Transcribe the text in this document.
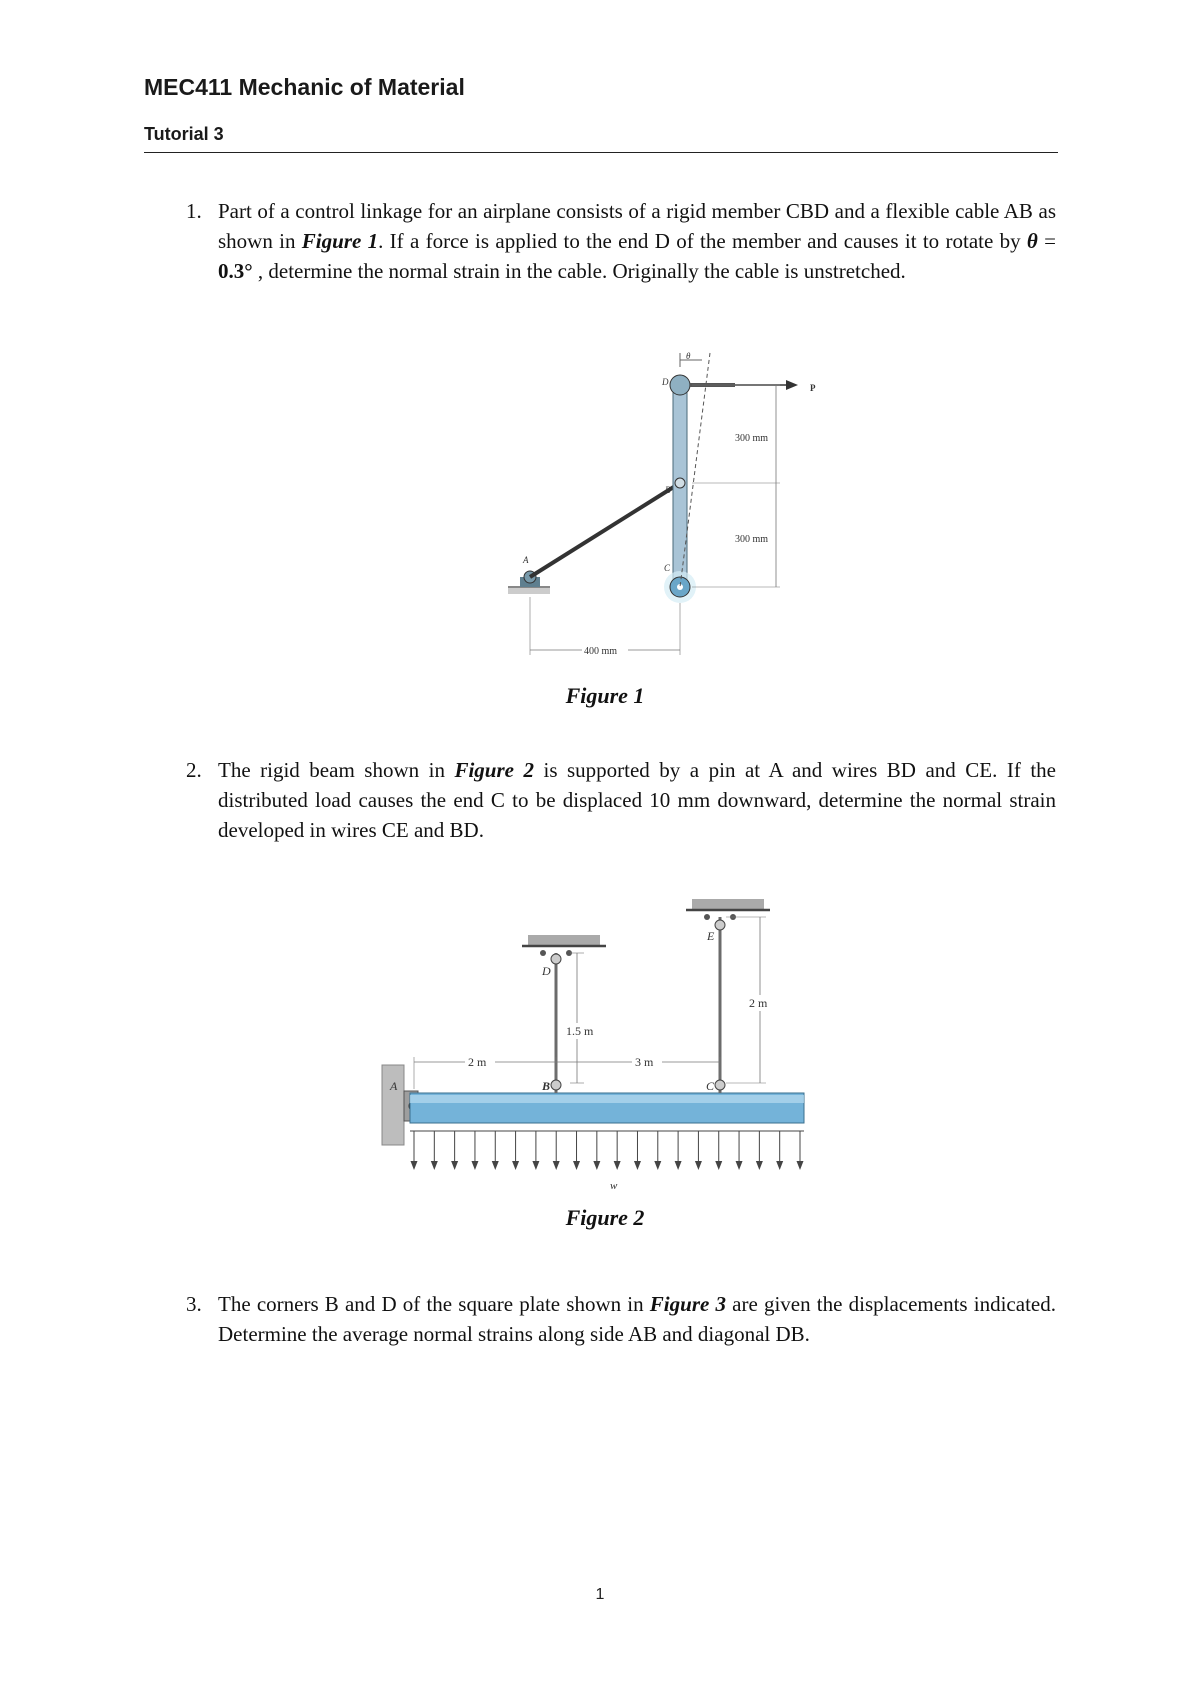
MEC411 Mechanic of Material
Tutorial 3

1. Part of a control linkage for an airplane consists of a rigid member CBD and a flexible cable AB as shown in Figure 1. If a force is applied to the end D of the member and causes it to rotate by θ = 0.3° , determine the normal strain in the cable. Originally the cable is unstretched.

P
θ
D
B
C
A
300 mm
300 mm
400 mm

Figure 1

2. The rigid beam shown in Figure 2 is supported by a pin at A and wires BD and CE. If the distributed load causes the end C to be displaced 10 mm downward, determine the normal strain developed in wires CE and BD.

A	B	C
D
E
w
2 m	3 m
1.5 m
2 m

Figure 2

3. The corners B and D of the square plate shown in Figure 3 are given the displacements indicated. Determine the average normal strains along side AB and diagonal DB.

1
